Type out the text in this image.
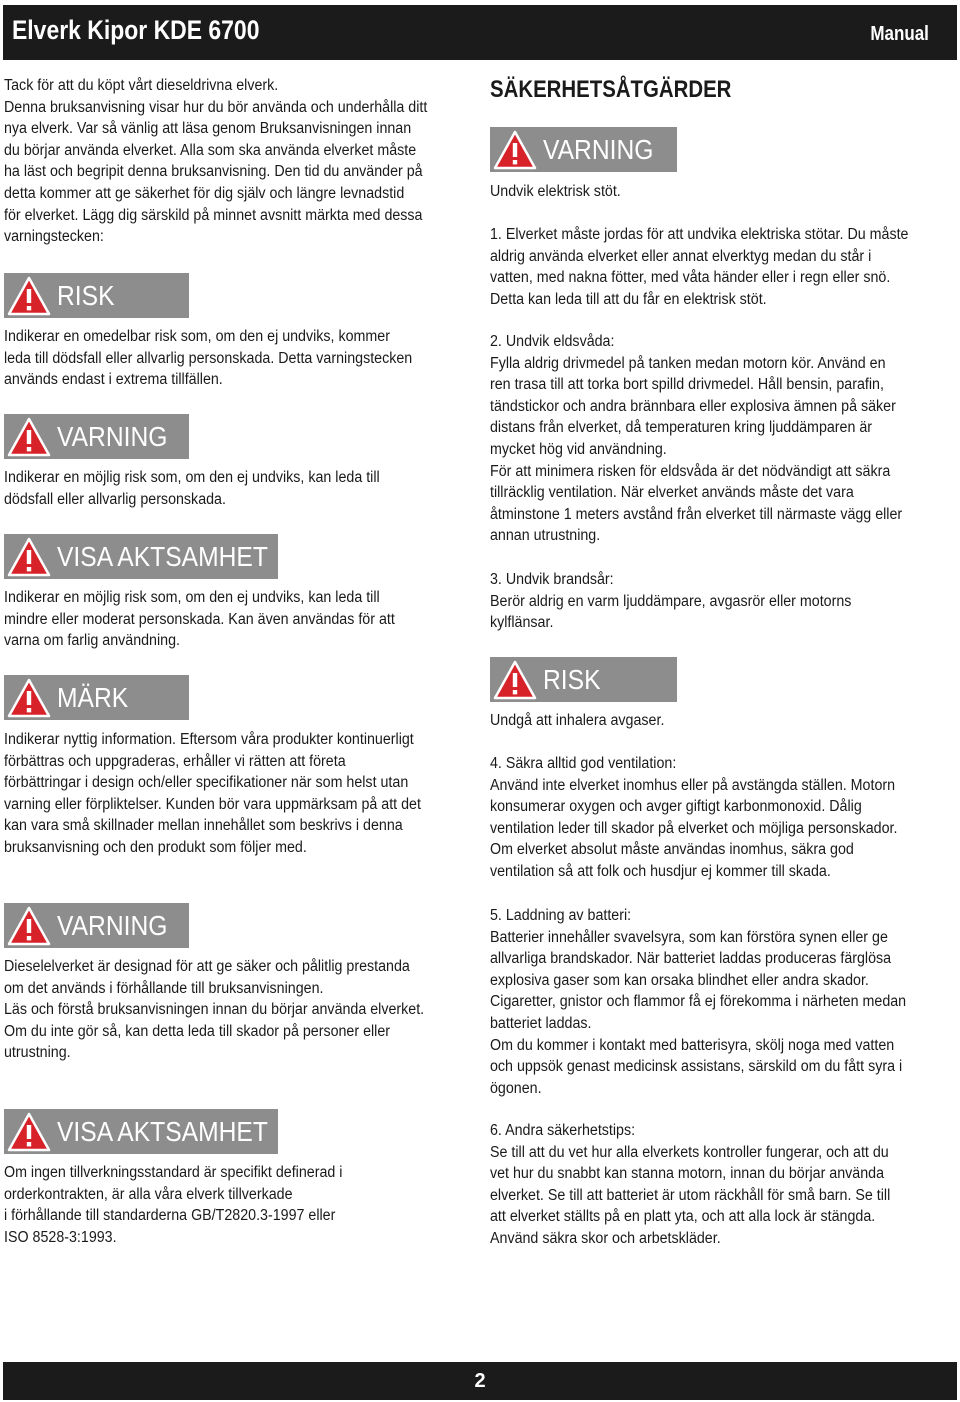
Elverk Kipor KDE 6700	Manual
Tack för att du köpt vårt dieseldrivna elverk.
Denna bruksanvisning visar hur du bör använda och underhålla ditt
nya elverk. Var så vänlig att läsa genom Bruksanvisningen innan
du börjar använda elverket. Alla som ska använda elverket måste
ha läst och begripit denna bruksanvisning. Den tid du använder på
detta kommer att ge säkerhet för dig själv och längre levnadstid
för elverket. Lägg dig särskild på minnet avsnitt märkta med dessa
varningstecken:
RISK
Indikerar en omedelbar risk som, om den ej undviks, kommer
leda till dödsfall eller allvarlig personskada. Detta varningstecken
används endast i extrema tillfällen.
VARNING
Indikerar en möjlig risk som, om den ej undviks, kan leda till
dödsfall eller allvarlig personskada.
VISA AKTSAMHET
Indikerar en möjlig risk som, om den ej undviks, kan leda till
mindre eller moderat personskada. Kan även användas för att
varna om farlig användning.
MÄRK
Indikerar nyttig information. Eftersom våra produkter kontinuerligt
förbättras och uppgraderas, erhåller vi rätten att företa
förbättringar i design och/eller specifikationer när som helst utan
varning eller förpliktelser. Kunden bör vara uppmärksam på att det
kan vara små skillnader mellan innehållet som beskrivs i denna
bruksanvisning och den produkt som följer med.
VARNING
Dieselelverket är designad för att ge säker och pålitlig prestanda
om det används i förhållande till bruksanvisningen.
Läs och förstå bruksanvisningen innan du börjar använda elverket.
Om du inte gör så, kan detta leda till skador på personer eller
utrustning.
VISA AKTSAMHET
Om ingen tillverkningsstandard är specifikt definerad i
orderkontrakten, är alla våra elverk tillverkade
i förhållande till standarderna GB/T2820.3-1997 eller
ISO 8528-3:1993.
SÄKERHETSÅTGÄRDER
VARNING
Undvik elektrisk stöt.
1. Elverket måste jordas för att undvika elektriska stötar. Du måste
aldrig använda elverket eller annat elverktyg medan du står i
vatten, med nakna fötter, med våta händer eller i regn eller snö.
Detta kan leda till att du får en elektrisk stöt.
2. Undvik eldsvåda:
Fylla aldrig drivmedel på tanken medan motorn kör. Använd en
ren trasa till att torka bort spilld drivmedel. Håll bensin, parafin,
tändstickor och andra brännbara eller explosiva ämnen på säker
distans från elverket, då temperaturen kring ljuddämparen är
mycket hög vid användning.
För att minimera risken för eldsvåda är det nödvändigt att säkra
tillräcklig ventilation. När elverket används måste det vara
åtminstone 1 meters avstånd från elverket till närmaste vägg eller
annan utrustning.
3. Undvik brandsår:
Berör aldrig en varm ljuddämpare, avgasrör eller motorns
kylflänsar.
RISK
Undgå att inhalera avgaser.
4. Säkra alltid god ventilation:
Använd inte elverket inomhus eller på avstängda ställen. Motorn
konsumerar oxygen och avger giftigt karbonmonoxid. Dålig
ventilation leder till skador på elverket och möjliga personskador.
Om elverket absolut måste användas inomhus, säkra god
ventilation så att folk och husdjur ej kommer till skada.
5. Laddning av batteri:
Batterier innehåller svavelsyra, som kan förstöra synen eller ge
allvarliga brandskador. När batteriet laddas produceras färglösa
explosiva gaser som kan orsaka blindhet eller andra skador.
Cigaretter, gnistor och flammor få ej förekomma i närheten medan
batteriet laddas.
Om du kommer i kontakt med batterisyra, skölj noga med vatten
och uppsök genast medicinsk assistans, särskild om du fått syra i
ögonen.
6. Andra säkerhetstips:
Se till att du vet hur alla elverkets kontroller fungerar, och att du
vet hur du snabbt kan stanna motorn, innan du börjar använda
elverket. Se till att batteriet är utom räckhåll för små barn. Se till
att elverket ställts på en platt yta, och att alla lock är stängda.
Använd säkra skor och arbetskläder.
2
